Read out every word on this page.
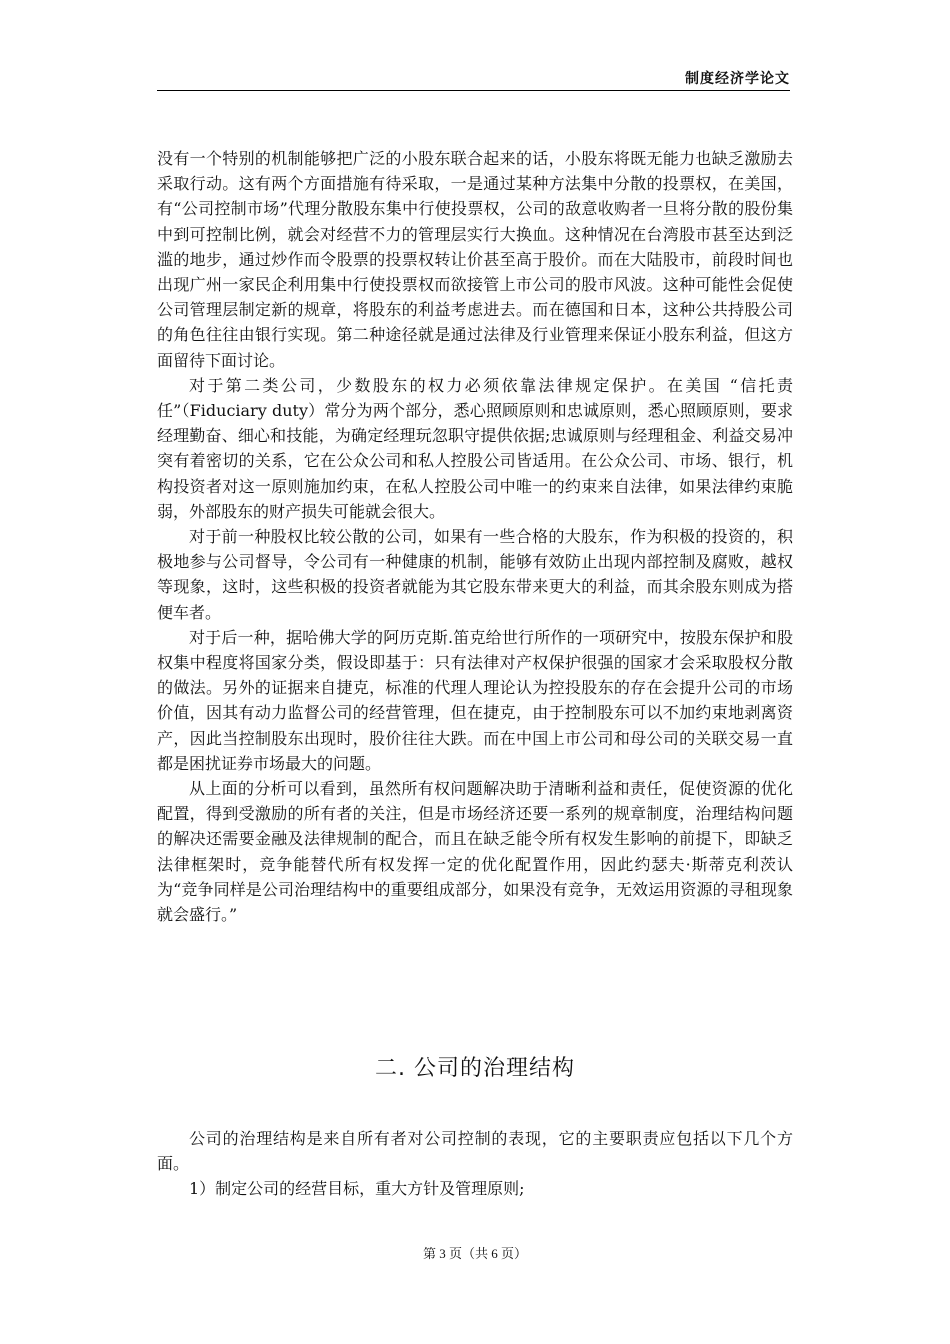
制度经济学论文

没有一个特别的机制能够把广泛的小股东联合起来的话，小股东将既无能力也缺乏激励去采取行动。这有两个方面措施有待采取，一是通过某种方法集中分散的投票权，在美国，有“公司控制市场”代理分散股东集中行使投票权，公司的敌意收购者一旦将分散的股份集中到可控制比例，就会对经营不力的管理层实行大换血。这种情况在台湾股市甚至达到泛滥的地步，通过炒作而令股票的投票权转让价甚至高于股价。而在大陆股市，前段时间也出现广州一家民企利用集中行使投票权而欲接管上市公司的股市风波。这种可能性会促使公司管理层制定新的规章，将股东的利益考虑进去。而在德国和日本，这种公共持股公司的角色往往由银行实现。第二种途径就是通过法律及行业管理来保证小股东利益，但这方面留待下面讨论。

对于第二类公司，少数股东的权力必须依靠法律规定保护。在美国 “信托责任”（Fiduciary duty）常分为两个部分，悉心照顾原则和忠诚原则，悉心照顾原则，要求经理勤奋、细心和技能，为确定经理玩忽职守提供依据;忠诚原则与经理租金、利益交易冲突有着密切的关系，它在公众公司和私人控股公司皆适用。在公众公司、市场、银行，机构投资者对这一原则施加约束，在私人控股公司中唯一的约束来自法律，如果法律约束脆弱，外部股东的财产损失可能就会很大。

对于前一种股权比较公散的公司，如果有一些合格的大股东，作为积极的投资的，积极地参与公司督导，令公司有一种健康的机制，能够有效防止出现内部控制及腐败，越权等现象，这时，这些积极的投资者就能为其它股东带来更大的利益，而其余股东则成为搭便车者。

对于后一种，据哈佛大学的阿历克斯.笛克给世行所作的一项研究中，按股东保护和股权集中程度将国家分类，假设即基于：只有法律对产权保护很强的国家才会采取股权分散的做法。另外的证据来自捷克，标准的代理人理论认为控投股东的存在会提升公司的市场价值，因其有动力监督公司的经营管理，但在捷克，由于控制股东可以不加约束地剥离资产，因此当控制股东出现时，股价往往大跌。而在中国上市公司和母公司的关联交易一直都是困扰证券市场最大的问题。

从上面的分析可以看到，虽然所有权问题解决助于清晰利益和责任，促使资源的优化配置，得到受激励的所有者的关注，但是市场经济还要一系列的规章制度，治理结构问题的解决还需要金融及法律规制的配合，而且在缺乏能令所有权发生影响的前提下，即缺乏法律框架时，竞争能替代所有权发挥一定的优化配置作用，因此约瑟夫·斯蒂克利茨认为“竞争同样是公司治理结构中的重要组成部分，如果没有竞争，无效运用资源的寻租现象就会盛行。”

二. 公司的治理结构

公司的治理结构是来自所有者对公司控制的表现，它的主要职责应包括以下几个方面。

1）制定公司的经营目标，重大方针及管理原则;

第 3 页（共 6 页）
